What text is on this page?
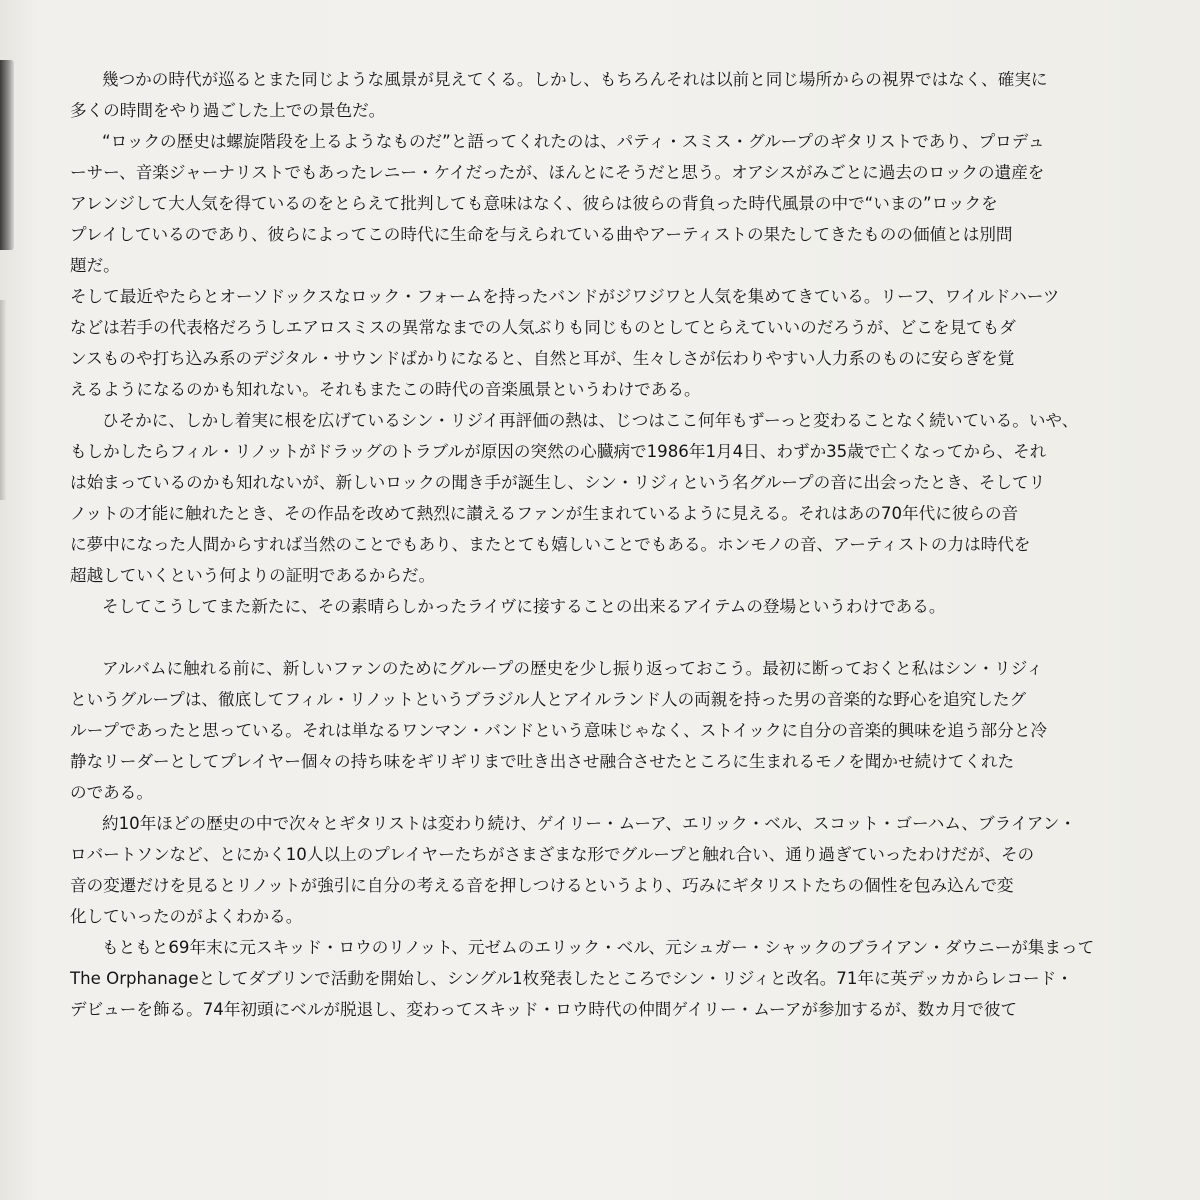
幾つかの時代が巡るとまた同じような風景が見えてくる。しかし、もちろんそれは以前と同じ場所からの視界ではなく、確実に
多くの時間をやり過ごした上での景色だ。
“ロックの歴史は螺旋階段を上るようなものだ”と語ってくれたのは、パティ・スミス・グループのギタリストであり、プロデュ
ーサー、音楽ジャーナリストでもあったレニー・ケイだったが、ほんとにそうだと思う。オアシスがみごとに過去のロックの遺産を
アレンジして大人気を得ているのをとらえて批判しても意味はなく、彼らは彼らの背負った時代風景の中で“いまの”ロックを
プレイしているのであり、彼らによってこの時代に生命を与えられている曲やアーティストの果たしてきたものの価値とは別問
題だ。
そして最近やたらとオーソドックスなロック・フォームを持ったバンドがジワジワと人気を集めてきている。リーフ、ワイルドハーツ
などは若手の代表格だろうしエアロスミスの異常なまでの人気ぶりも同じものとしてとらえていいのだろうが、どこを見てもダ
ンスものや打ち込み系のデジタル・サウンドばかりになると、自然と耳が、生々しさが伝わりやすい人力系のものに安らぎを覚
えるようになるのかも知れない。それもまたこの時代の音楽風景というわけである。
ひそかに、しかし着実に根を広げているシン・リジイ再評価の熱は、じつはここ何年もずーっと変わることなく続いている。いや、
もしかしたらフィル・リノットがドラッグのトラブルが原因の突然の心臓病で1986年1月4日、わずか35歳で亡くなってから、それ
は始まっているのかも知れないが、新しいロックの聞き手が誕生し、シン・リジィという名グループの音に出会ったとき、そしてリ
ノットの才能に触れたとき、その作品を改めて熱烈に讃えるファンが生まれているように見える。それはあの70年代に彼らの音
に夢中になった人間からすれば当然のことでもあり、またとても嬉しいことでもある。ホンモノの音、アーティストの力は時代を
超越していくという何よりの証明であるからだ。
そしてこうしてまた新たに、その素晴らしかったライヴに接することの出来るアイテムの登場というわけである。
アルバムに触れる前に、新しいファンのためにグループの歴史を少し振り返っておこう。最初に断っておくと私はシン・リジィ
というグループは、徹底してフィル・リノットというブラジル人とアイルランド人の両親を持った男の音楽的な野心を追究したグ
ループであったと思っている。それは単なるワンマン・バンドという意味じゃなく、ストイックに自分の音楽的興味を追う部分と冷
静なリーダーとしてプレイヤー個々の持ち味をギリギリまで吐き出させ融合させたところに生まれるモノを聞かせ続けてくれた
のである。
約10年ほどの歴史の中で次々とギタリストは変わり続け、ゲイリー・ムーア、エリック・ベル、スコット・ゴーハム、ブライアン・
ロバートソンなど、とにかく10人以上のプレイヤーたちがさまざまな形でグループと触れ合い、通り過ぎていったわけだが、その
音の変遷だけを見るとリノットが強引に自分の考える音を押しつけるというより、巧みにギタリストたちの個性を包み込んで変
化していったのがよくわかる。
もともと69年末に元スキッド・ロウのリノット、元ゼムのエリック・ベル、元シュガー・シャックのブライアン・ダウニーが集まって
The Orphanageとしてダブリンで活動を開始し、シングル1枚発表したところでシン・リジィと改名。71年に英デッカからレコード・
デビューを飾る。74年初頭にベルが脱退し、変わってスキッド・ロウ時代の仲間ゲイリー・ムーアが参加するが、数カ月で彼て
